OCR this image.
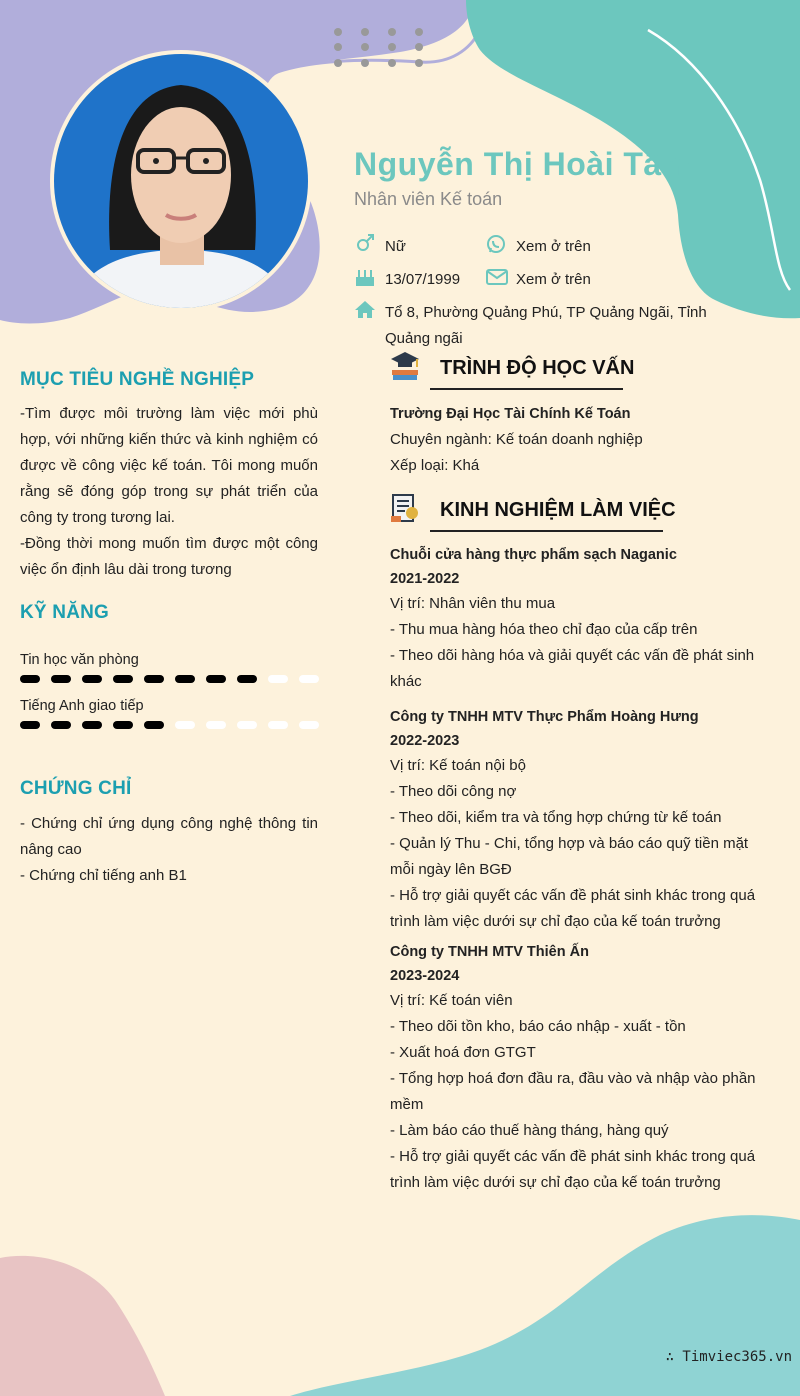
Nguyễn Thị Hoài Tâm
Nhân viên Kế toán
Nữ	Xem ở trên
13/07/1999	Xem ở trên
Tổ 8, Phường Quảng Phú, TP Quảng Ngãi, Tỉnh
Quảng ngãi
MỤC TIÊU NGHỀ NGHIỆP

-Tìm được môi trường làm việc mới phù hợp, với những kiến thức và kinh nghiệm có được về công việc kế toán. Tôi mong muốn rằng sẽ đóng góp trong sự phát triển của công ty trong tương lai.

-Đồng thời mong muốn tìm được một công việc ổn định lâu dài trong tương

KỸ NĂNG
Tin học văn phòng
Tiếng Anh giao tiếp
CHỨNG CHỈ

- Chứng chỉ ứng dụng công nghệ thông tin nâng cao

- Chứng chỉ tiếng anh B1

TRÌNH ĐỘ HỌC VẤN

Trường Đại Học Tài Chính Kế Toán

Chuyên ngành: Kế toán doanh nghiệp

Xếp loại: Khá

KINH NGHIỆM LÀM VIỆC

Chuỗi cửa hàng thực phẩm sạch Naganic

2021-2022

Vị trí: Nhân viên thu mua

- Thu mua hàng hóa theo chỉ đạo của cấp trên

- Theo dõi hàng hóa và giải quyết các vấn đề phát sinh khác

Công ty TNHH MTV Thực Phẩm Hoàng Hưng

2022-2023

Vị trí: Kế toán nội bộ

- Theo dõi công nợ

- Theo dõi, kiểm tra và tổng hợp chứng từ kế toán

- Quản lý Thu - Chi, tổng hợp và báo cáo quỹ tiền mặt mỗi ngày lên BGĐ

- Hỗ trợ giải quyết các vấn đề phát sinh khác trong quá trình làm việc dưới sự chỉ đạo của kế toán trưởng

Công ty TNHH MTV Thiên Ấn

2023-2024

Vị trí: Kế toán viên

- Theo dõi tồn kho, báo cáo nhập - xuất - tồn

- Xuất hoá đơn GTGT

- Tổng hợp hoá đơn đầu ra, đầu vào và nhập vào phần mềm

- Làm báo cáo thuế hàng tháng, hàng quý

- Hỗ trợ giải quyết các vấn đề phát sinh khác trong quá trình làm việc dưới sự chỉ đạo của kế toán trưởng

∴ Timviec365.vn
